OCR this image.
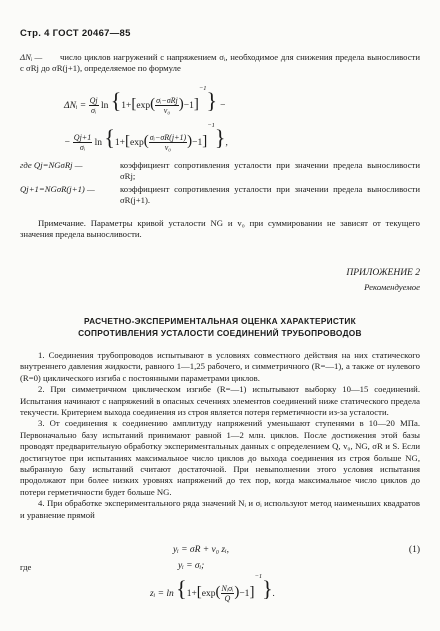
Стр. 4 ГОСТ 20467—85
ΔNᵢ — число циклов нагружений с напряжением σᵢ, необходимое для снижения предела выносливости с σRj до σR(j+1), определяемое по формуле
ΔNᵢ = $\frac{Qj}{\text{σᵢ}}$ $\ln \{1+[\exp( \frac{\text{σᵢ−σRj}}{\text{v₀}} )-1]^{-1}\}$ −
− $\frac{Qj+1}{\text{σᵢ}}$ $\ln \{1+[\exp( \frac{\text{σᵢ−σR(j+1)}}{\text{v₀}} )-1]^{-1}\}$,
где Qj=NGσRj —	коэффициент сопротивления усталости при значении предела выносливости σRj;
Qj+1=NGσR(j+1) —	коэффициент сопротивления усталости при значении предела выносливости σR(j+1).
Примечание. Параметры кривой усталости NG и v₀ при суммировании не зависят от текущего значения предела выносливости.
ПРИЛОЖЕНИЕ 2
Рекомендуемое
РАСЧЕТНО-ЭКСПЕРИМЕНТАЛЬНАЯ ОЦЕНКА ХАРАКТЕРИСТИК
СОПРОТИВЛЕНИЯ УСТАЛОСТИ СОЕДИНЕНИЙ ТРУБОПРОВОДОВ
1. Соединения трубопроводов испытывают в условиях совместного действия на них статического внутреннего давления жидкости, равного 1—1,25 рабочего, и симметричного (R=—1), а также от нулевого (R=0) циклического изгиба с постоянными параметрами циклов.
2. При симметричном циклическом изгибе (R=—1) испытывают выборку 10—15 соединений. Испытания начинают с напряжений в опасных сечениях элементов соединений ниже статического предела текучести. Критерием выхода соединения из строя является потеря герметичности из-за усталости.
3. От соединения к соединению амплитуду напряжений уменьшают ступенями в 10—20 МПа. Первоначально базу испытаний принимают равной 1—2 млн. циклов. После достижения этой базы проводят предварительную обработку экспериментальных данных с определением Q, v₀, NG, σR и S. Если достигнутое при испытаниях максимальное число циклов до выхода соединения из строя больше NG, выбранную базу испытаний считают достаточной. При невыполнении этого условия испытания продолжают при более низких уровнях напряжений до тех пор, когда максимальное число циклов до потери герметичности будет больше NG.
4. При обработке экспериментального ряда значений Nᵢ и σᵢ используют метод наименьших квадратов и уравнение прямой
yᵢ = σR + v₀ zᵢ,	(1)
где	yᵢ = σᵢ;
zᵢ = $\ln \{1+[\exp( \frac{\text{Nᵢσᵢ}}{Q} )-1]^{-1}\}$.
